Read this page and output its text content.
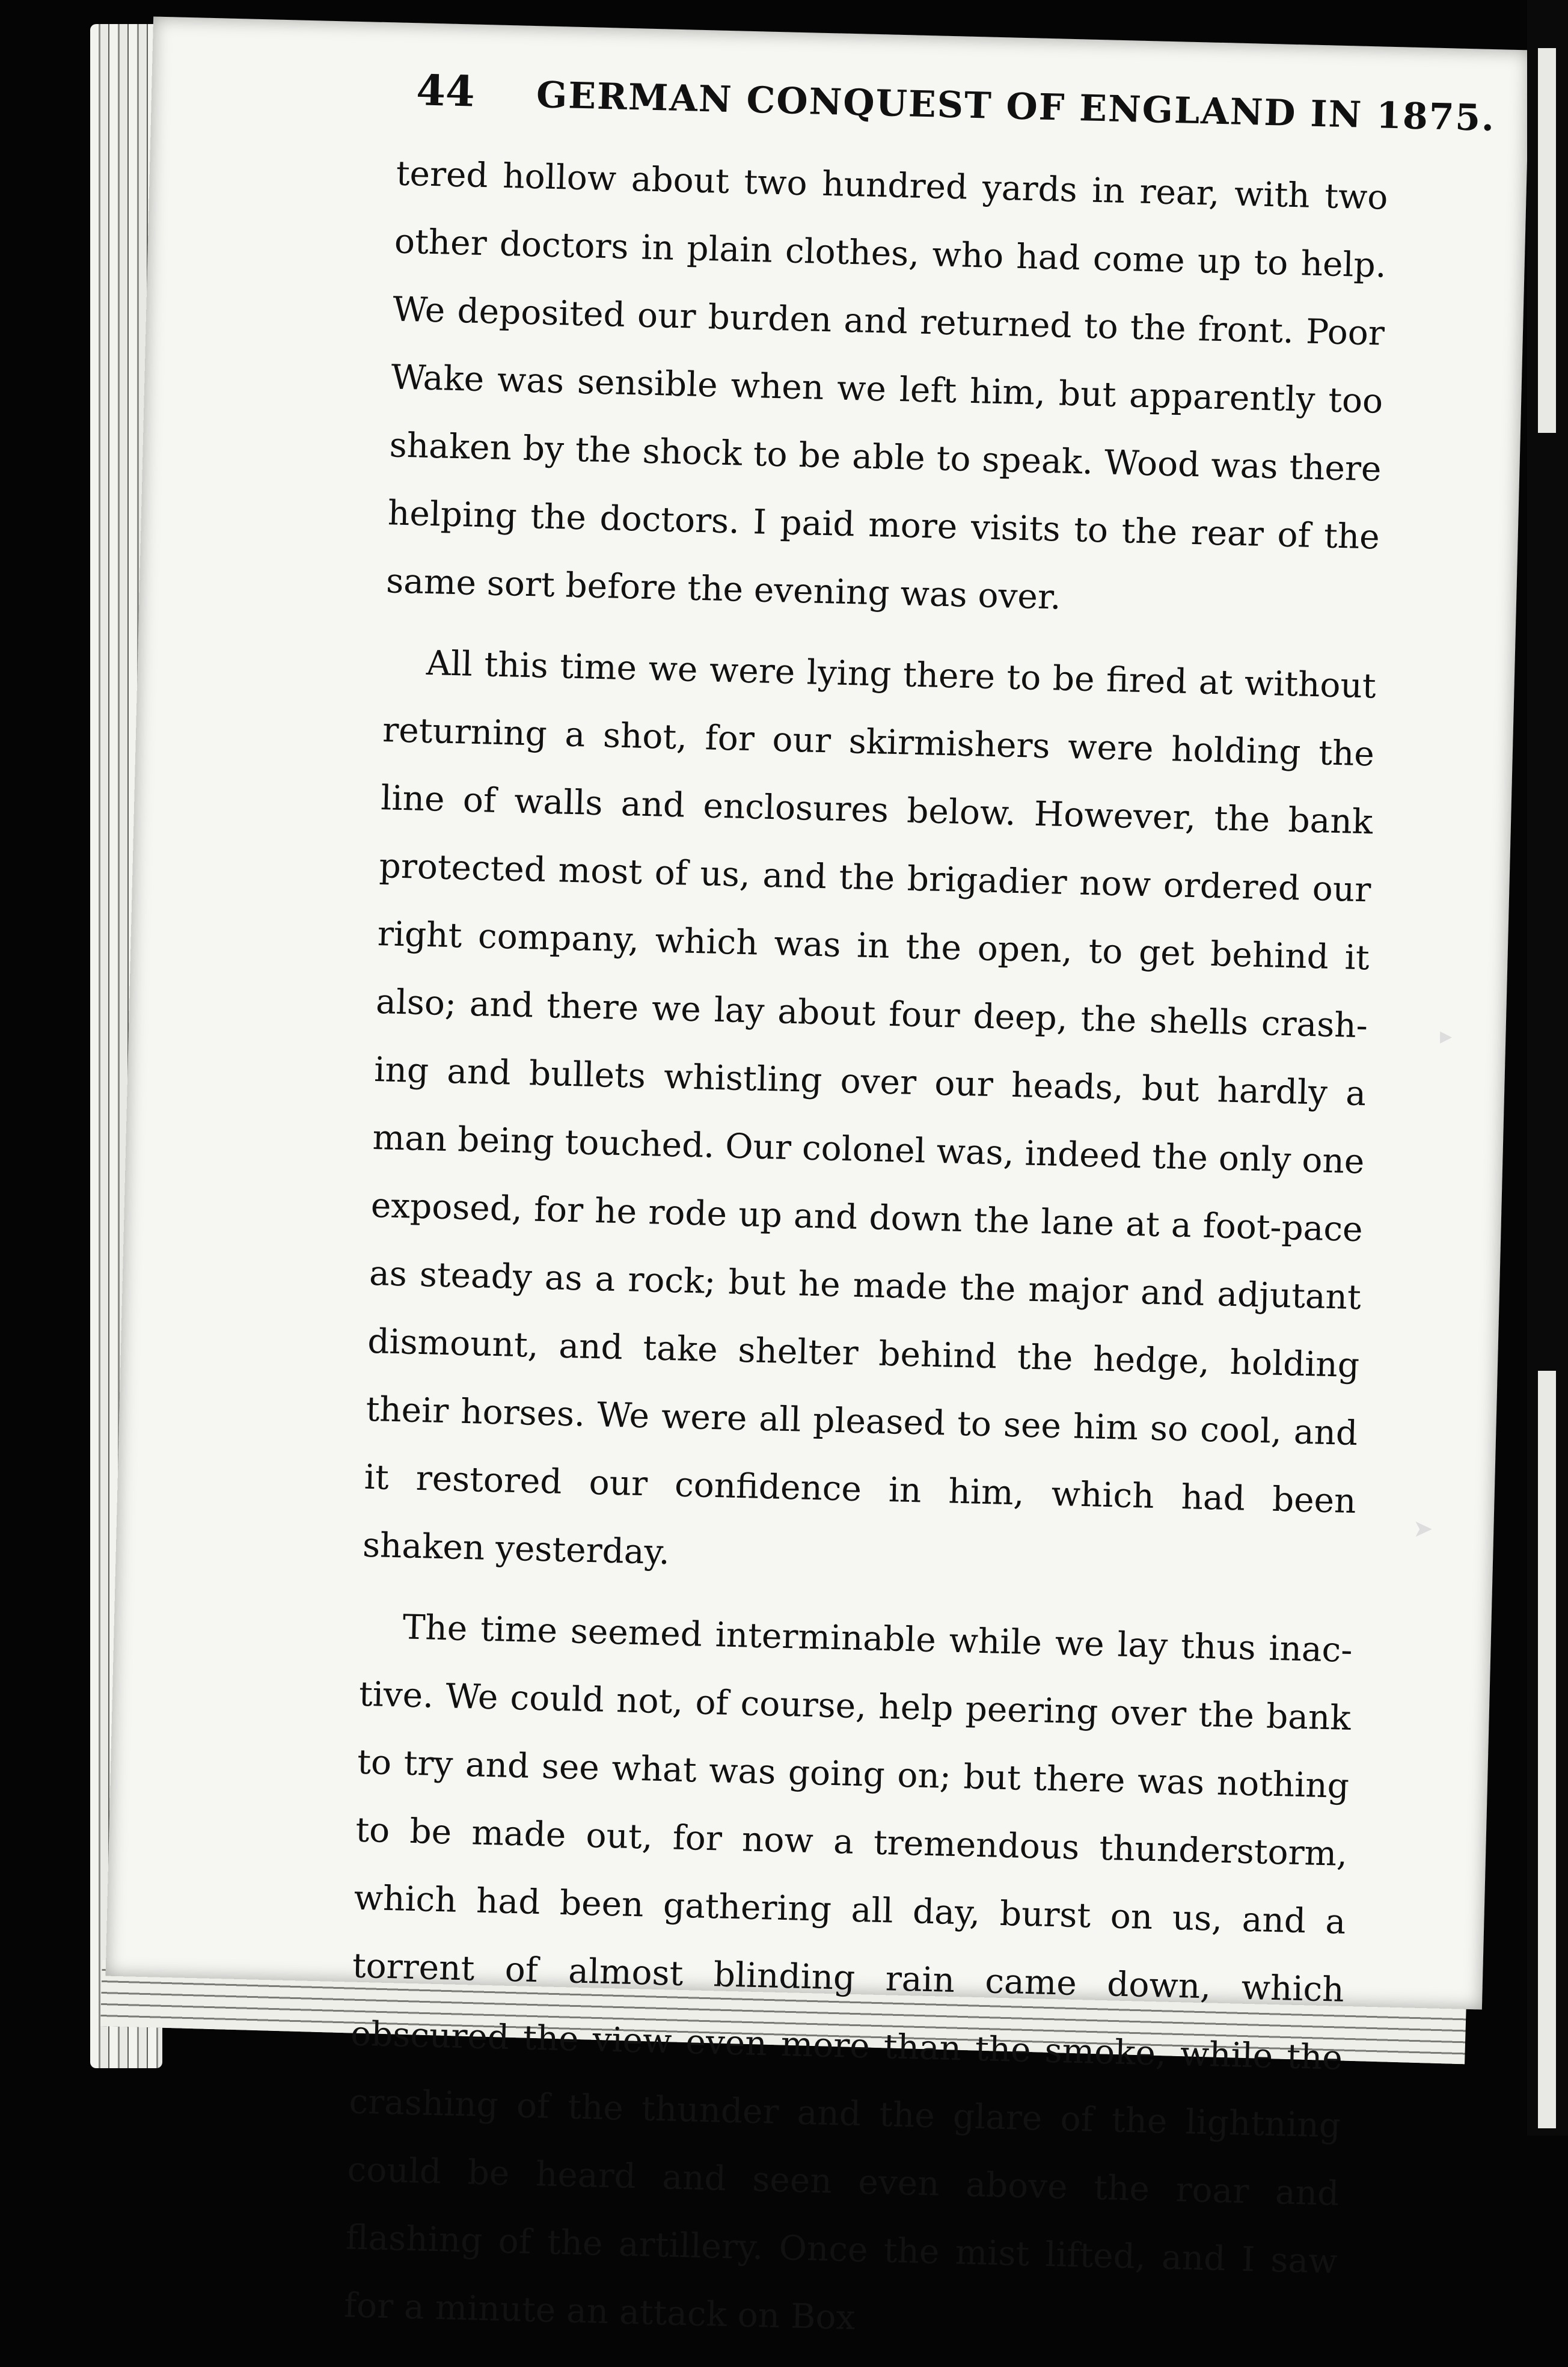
44 GERMAN CONQUEST OF ENGLAND IN 1875.

tered hollow about two hundred yards in rear, with two other doctors in plain clothes, who had come up to help. We deposited our burden and returned to the front. Poor Wake was sensible when we left him, but apparently too shaken by the shock to be able to speak. Wood was there helping the doctors. I paid more visits to the rear of the same sort before the evening was over.

All this time we were lying there to be fired at without returning a shot, for our skirmishers were holding the line of walls and enclosures below. However, the bank protected most of us, and the brigadier now ordered our right company, which was in the open, to get behind it also; and there we lay about four deep, the shells crashing and bullets whistling over our heads, but hardly a man being touched. Our colonel was, indeed the only one exposed, for he rode up and down the lane at a foot-pace as steady as a rock; but he made the major and adjutant dismount, and take shelter behind the hedge, holding their horses. We were all pleased to see him so cool, and it restored our confidence in him, which had been shaken yesterday.

The time seemed interminable while we lay thus inactive. We could not, of course, help peering over the bank to try and see what was going on; but there was nothing to be made out, for now a tremendous thunderstorm, which had been gathering all day, burst on us, and a torrent of almost blinding rain came down, which obscured the view even more than the smoke, while the crashing of the thunder and the glare of the lightning could be heard and seen even above the roar and flashing of the artillery. Once the mist lifted, and I saw for a minute an attack on Box

▸
➤
